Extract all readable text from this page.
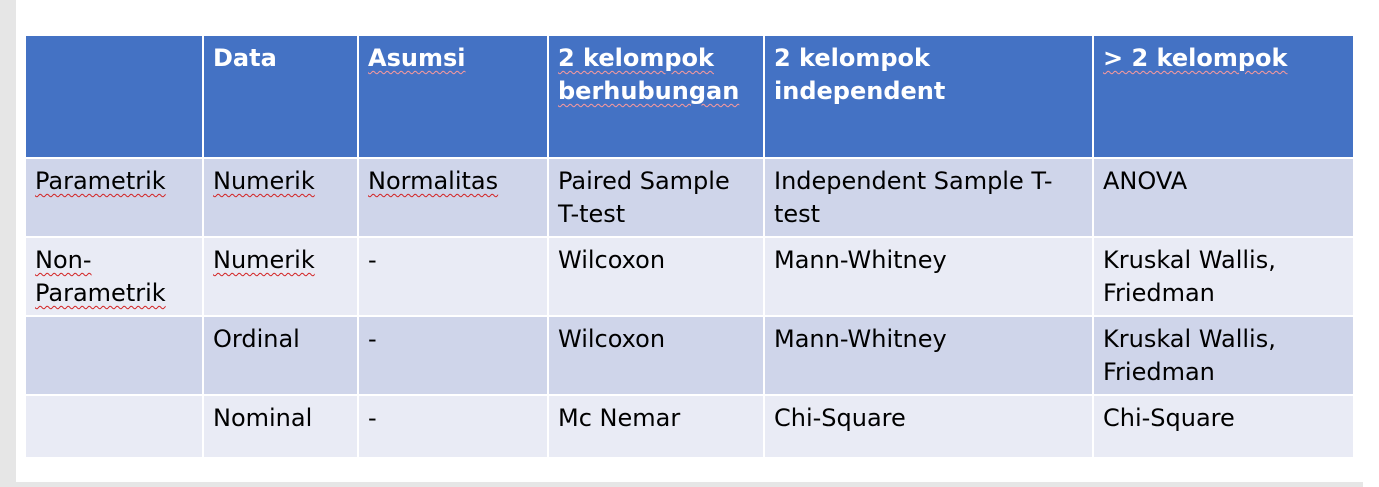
	Data	Asumsi	2 kelompok berhubungan	2 kelompok independent	> 2 kelompok
Parametrik	Numerik	Normalitas	Paired Sample T-test	Independent Sample T-test	ANOVA
Non-Parametrik	Numerik	-	Wilcoxon	Mann-Whitney	Kruskal Wallis, Friedman
	Ordinal	-	Wilcoxon	Mann-Whitney	Kruskal Wallis, Friedman
	Nominal	-	Mc Nemar	Chi-Square	Chi-Square
